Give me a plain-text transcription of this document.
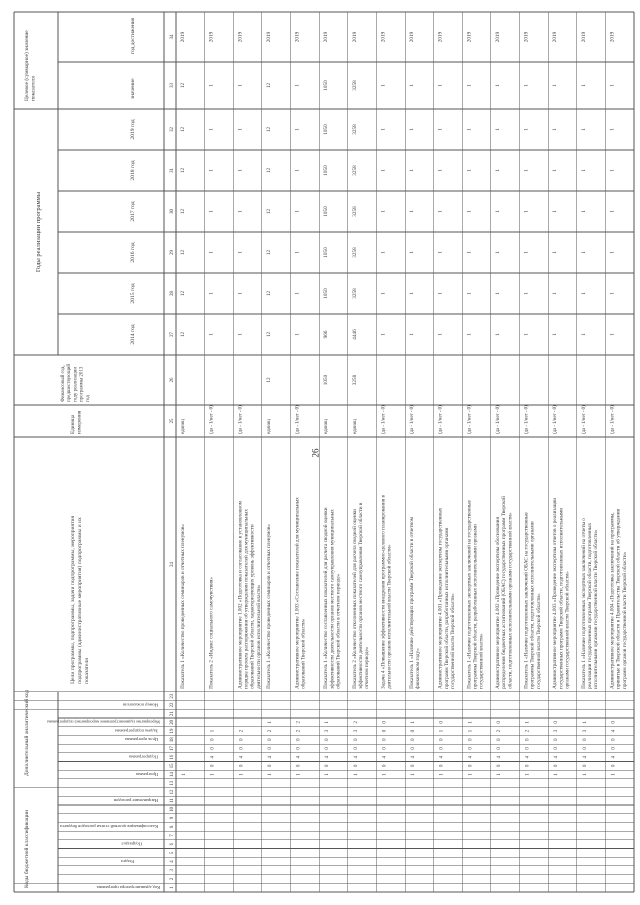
26
Коды бюджетной классификации
Дополнительный аналитический код
Код администратора программы
Раздел
Подраздел
Классификация целевой статьи расходов бюджета
Направление расходов
Программа
Подпрограмма
Цель программы
Задача подпрограммы
Мероприятие (административное мероприятие) подпрограммы
Номер показателя
Цели программы, подпрограммы, задачи подпрограммы, мероприятияподпрограммы (административные мероприятия) подпрограммы и ихпоказатели
Единицаизмерения
Финансовый год,предшествующийгоду реализациипрограммы 2013год
Годы реализации программы
2014 год
2015 год
2016 год
2017 год
2018 год
2019 год
Целевое (суммарное) значениепоказателя	значение
год достижения
1
2
3
4
5
6
7
8
9
10
11
12
13
14
15
16
17
18
19
20
21
22
23
24
25
26
27
28
29
30
31
32
33
34
1
Показатель 1 «Количество проведенных семинаров и отчетных пленумов»
единиц
12
12
12
12
12
12
12
2019
1
0
4
0
0
1
Показатель 2 «Индекс социального самочувствия»
(да - 1/нет - 0)
1
1
1
1
1
1
1
2019
1
0
4
0
0
2
Административное мероприятие 1.002 «Подготовка и согласование в установленномпорядке проекта распоряжения об утверждении показателей для муниципальныхобразований Тверской области, характеризующих уровень эффективностидеятельности органов исполнительной власти»
(да - 1/нет - 0)
1
1
1
1
1
1
1
2019
1
0
4
0
0
2
1
Показатель 1 «Количество проведенных семинаров и отчетных пленумов»
единиц
12
12
12
12
12
12
12
12
2019
1
0
4
0
0
2
2
Административное мероприятие 1.003 «Составление показателей для муниципальныхобразований Тверской области»
(да - 1/нет - 0)
1
1
1
1
1
1
1
2019
1
0
4
0
0
3
1
Показатель 1 «Количество составленных показателей для расчета сводной оценкиэффективности деятельности органов местного самоуправления муниципальныхобразований Тверской области в отчетном периоде»
единиц
1050
966
1050
1050
1050
1050
1050
1050
2019
1
0
4
0
0
3
2
Показатель 2 «Количество отклоненных показателей для расчета сводной оценкиэффективности деятельности органов местного самоуправления Тверской области вотчетном периоде»
единиц
3258
4446
3258
3258
3258
3258
3258
3258
2019
1
0
4
0
0
0
0
Задача 4 «Повышение эффективности внедрения программно-целевого планирования вдеятельности органов исполнительной власти Тверской области»
(да - 1/нет - 0)
1
1
1
1
1
1
1
2019
1
0
4
0
0
0
1
Показатель 1 «Наличие действующих программ Тверской области в отчетномфинансовом году»
(да - 1/нет - 0)
1
1
1
1
1
1
1
2019
1
0
4
0
0
1
0
Административное мероприятие 4.001 «Проведение экспертизы государственныхпрограмм Тверской области, разработанных исполнительными органамигосударственной власти Тверской области»
(да - 1/нет - 0)
1
1
1
1
1
1
1
2019
1
0
4
0
0
1
1
Показатель 1 «Наличие подготовленных экспертных заключений на государственныепрограммы Тверской области, разработанных исполнительными органамигосударственной власти»
(да - 1/нет - 0)
1
1
1
1
1
1
1
2019
1
0
4
0
0
2
0
Административное мероприятие 4.002 «Проведение экспертизы обоснованияраспределения бюджетных ассигнований (ОБАС) государственных программ Тверскойобласти, подготовленных исполнительными органами государственной власти»
(да - 1/нет - 0)
1
1
1
1
1
1
1
2019
1
0
4
0
0
2
1
Показатель 1 «Наличие подготовленных заключений ОБАС на государственныепрограммы Тверской области, подготовленных исполнительными органамигосударственной власти Тверской области»
(да - 1/нет - 0)
1
1
1
1
1
1
1
2019
1
0
4
0
0
3
0
Административное мероприятие 4.003 «Проведение экспертизы отчетов о реализациигосударственных программ Тверской области, подготовленных исполнительнымиорганами государственной власти Тверской области»
(да - 1/нет - 0)
1
1
1
1
1
1
1
2019
1
0
4
0
0
3
1
Показатель 1 «Наличие подготовленных экспертных заключений на отчеты ореализации государственных программ Тверской области, подготовленныхисполнительными органами государственной власти Тверской области»
(да - 1/нет - 0)
1
1
1
1
1
1
1
2019
1
0
4
0
0
4
0
Административное мероприятие 4.004 «Подготовка заключений на программы,принятые в Тверской области и Правительства Тверской области об утверждениипрограмм органов государственной власти Тверской области»
(да - 1/нет - 0)
1
1
1
1
1
1
1
2019
